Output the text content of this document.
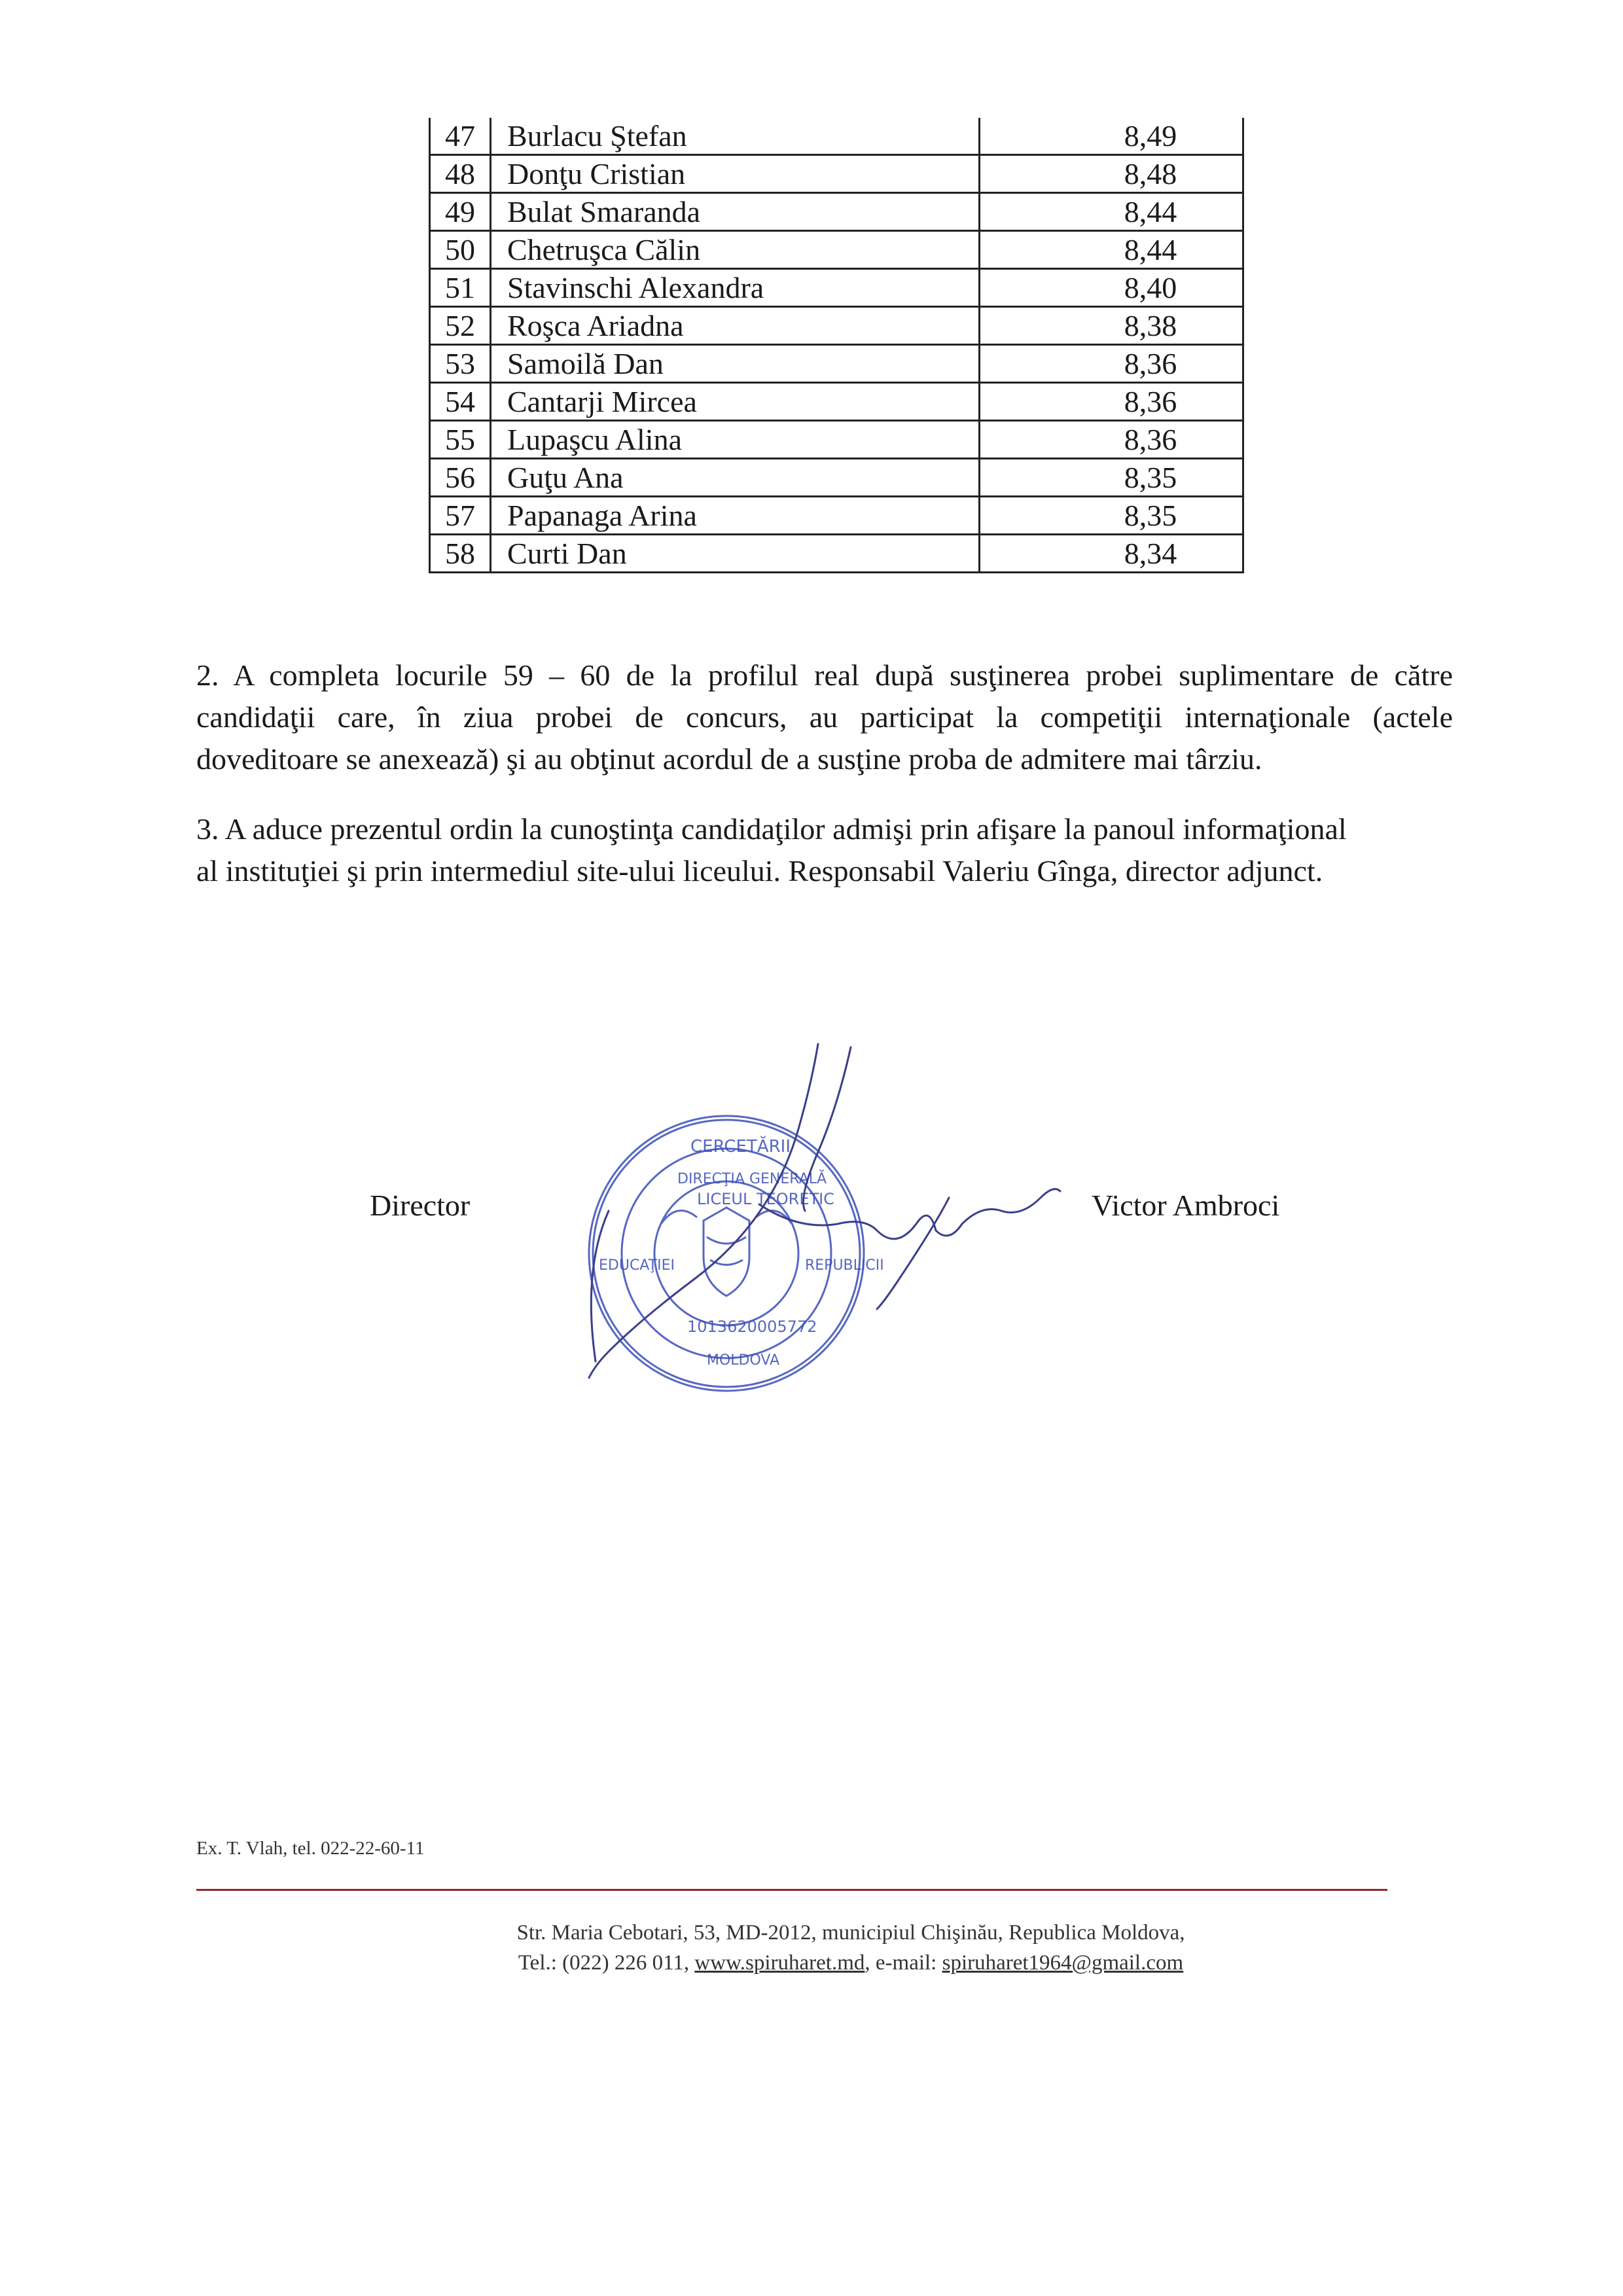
47	Burlacu Ştefan	8,49
48	Donţu Cristian	8,48
49	Bulat Smaranda	8,44
50	Chetruşca Călin	8,44
51	Stavinschi Alexandra	8,40
52	Roşca Ariadna	8,38
53	Samoilă Dan	8,36
54	Cantarji Mircea	8,36
55	Lupaşcu Alina	8,36
56	Guţu Ana	8,35
57	Papanaga Arina	8,35
58	Curti Dan	8,34
2. A completa locurile 59 – 60 de la profilul real după susţinerea probei suplimentare de către
candidaţii care, în ziua probei de concurs, au participat la competiţii internaţionale (actele
doveditoare se anexează) şi au obţinut acordul de a susţine proba de admitere mai târziu.
3. A aduce prezentul ordin la cunoştinţa candidaţilor admişi prin afişare la panoul informaţional
al instituţiei şi prin intermediul site-ului liceului. Responsabil Valeriu Gînga, director adjunct.
Director	Victor Ambroci
CERCETĂRII
DIRECŢIA GENERALĂ
LICEUL TEORETIC
1013620005772
MOLDOVA
EDUCAŢIEI	REPUBLICII
Ex. T. Vlah, tel. 022-22-60-11
Str. Maria Cebotari, 53, MD-2012, municipiul Chişinău, Republica Moldova,
Tel.: (022) 226 011, www.spiruharet.md, e-mail: spiruharet1964@gmail.com
